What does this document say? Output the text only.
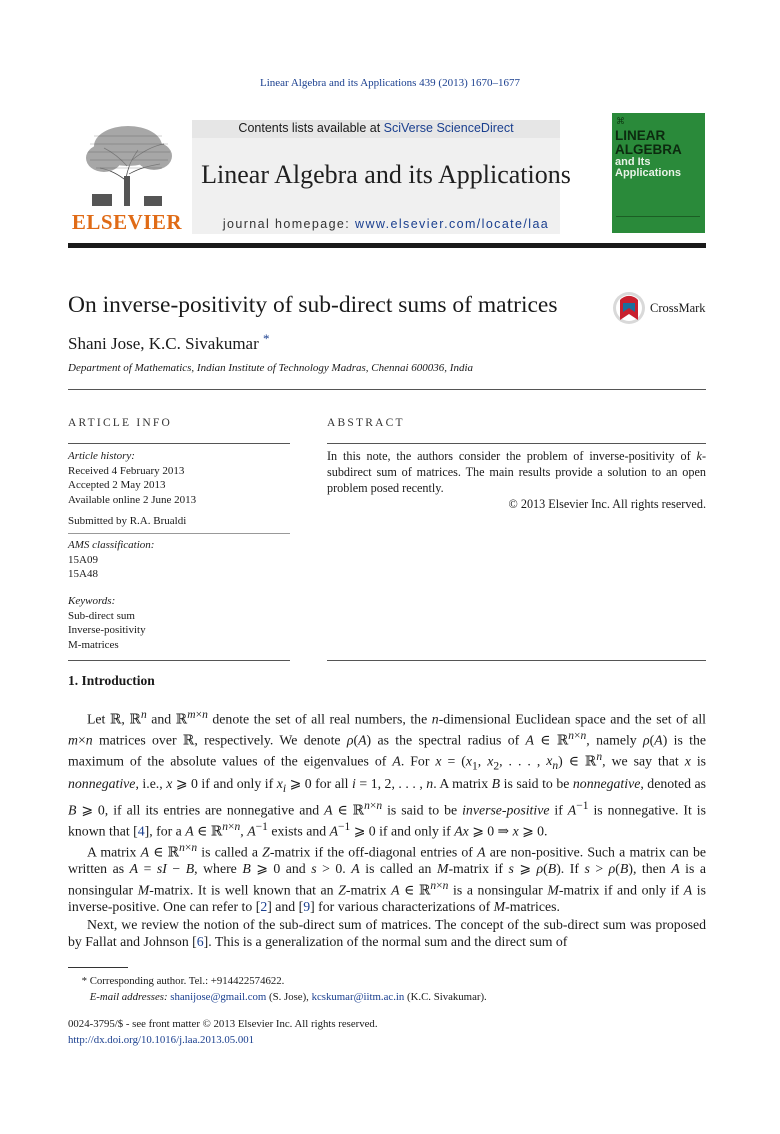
Linear Algebra and its Applications 439 (2013) 1670–1677
ELSEVIER
Contents lists available at SciVerse ScienceDirect
Linear Algebra and its Applications
journal homepage: www.elsevier.com/locate/laa
⌘
LINEAR
ALGEBRA
and Its Applications
On inverse-positivity of sub-direct sums of matrices	CrossMark
Shani Jose, K.C. Sivakumar *
Department of Mathematics, Indian Institute of Technology Madras, Chennai 600036, India
ARTICLE INFO
Article history:
Received 4 February 2013
Accepted 2 May 2013
Available online 2 June 2013
Submitted by R.A. Brualdi
AMS classification:
15A09
15A48
Keywords:
Sub-direct sum
Inverse-positivity
M-matrices
ABSTRACT
In this note, the authors consider the problem of inverse-positivity of k-subdirect sum of matrices. The main results provide a solution to an open problem posed recently.
© 2013 Elsevier Inc. All rights reserved.
1. Introduction

Let ℝ, ℝ$^n$ and ℝ$^{m\times n}$ denote the set of all real numbers, the n-dimensional Euclidean space and the set of all m×n matrices over ℝ, respectively. We denote ρ(A) as the spectral radius of A ∈ ℝ$^{n\times n}$, namely ρ(A) is the maximum of the absolute values of the eigenvalues of A. For $x = (x_1$, $x_2$, . . . , $x_n$) ∈ ℝ$^n$, we say that x is nonnegative, i.e., x ⩾ 0 if and only if $x_i$ ⩾ 0 for all i = 1, 2, . . . , n. A matrix B is said to be nonnegative, denoted as B ⩾ 0, if all its entries are nonnegative and A ∈ ℝ$^{n\times n}$ is said to be inverse-positive if $A^{-1}$ is nonnegative. It is known that [4], for a A ∈ ℝ$^{n\times n}$, $A^{-1}$ exists and $A^{-1}$ ⩾ 0 if and only if Ax ⩾ 0 ⇒ x ⩾ 0.

A matrix A ∈ ℝ$^{n\times n}$ is called a Z-matrix if the off-diagonal entries of A are non-positive. Such a matrix can be written as A = sI − B, where B ⩾ 0 and s > 0. A is called an M-matrix if s ⩾ ρ(B). If s > ρ(B), then A is a nonsingular M-matrix. It is well known that an Z-matrix A ∈ ℝ$^{n\times n}$ is a nonsingular M-matrix if and only if A is inverse-positive. One can refer to [2] and [9] for various characterizations of M-matrices.

Next, we review the notion of the sub-direct sum of matrices. The concept of the sub-direct sum was proposed by Fallat and Johnson [6]. This is a generalization of the normal sum and the direct sum of

* Corresponding author. Tel.: +914422574622.
E-mail addresses: shanijose@gmail.com (S. Jose), kcskumar@iitm.ac.in (K.C. Sivakumar).
0024-3795/$ - see front matter © 2013 Elsevier Inc. All rights reserved.
http://dx.doi.org/10.1016/j.laa.2013.05.001
